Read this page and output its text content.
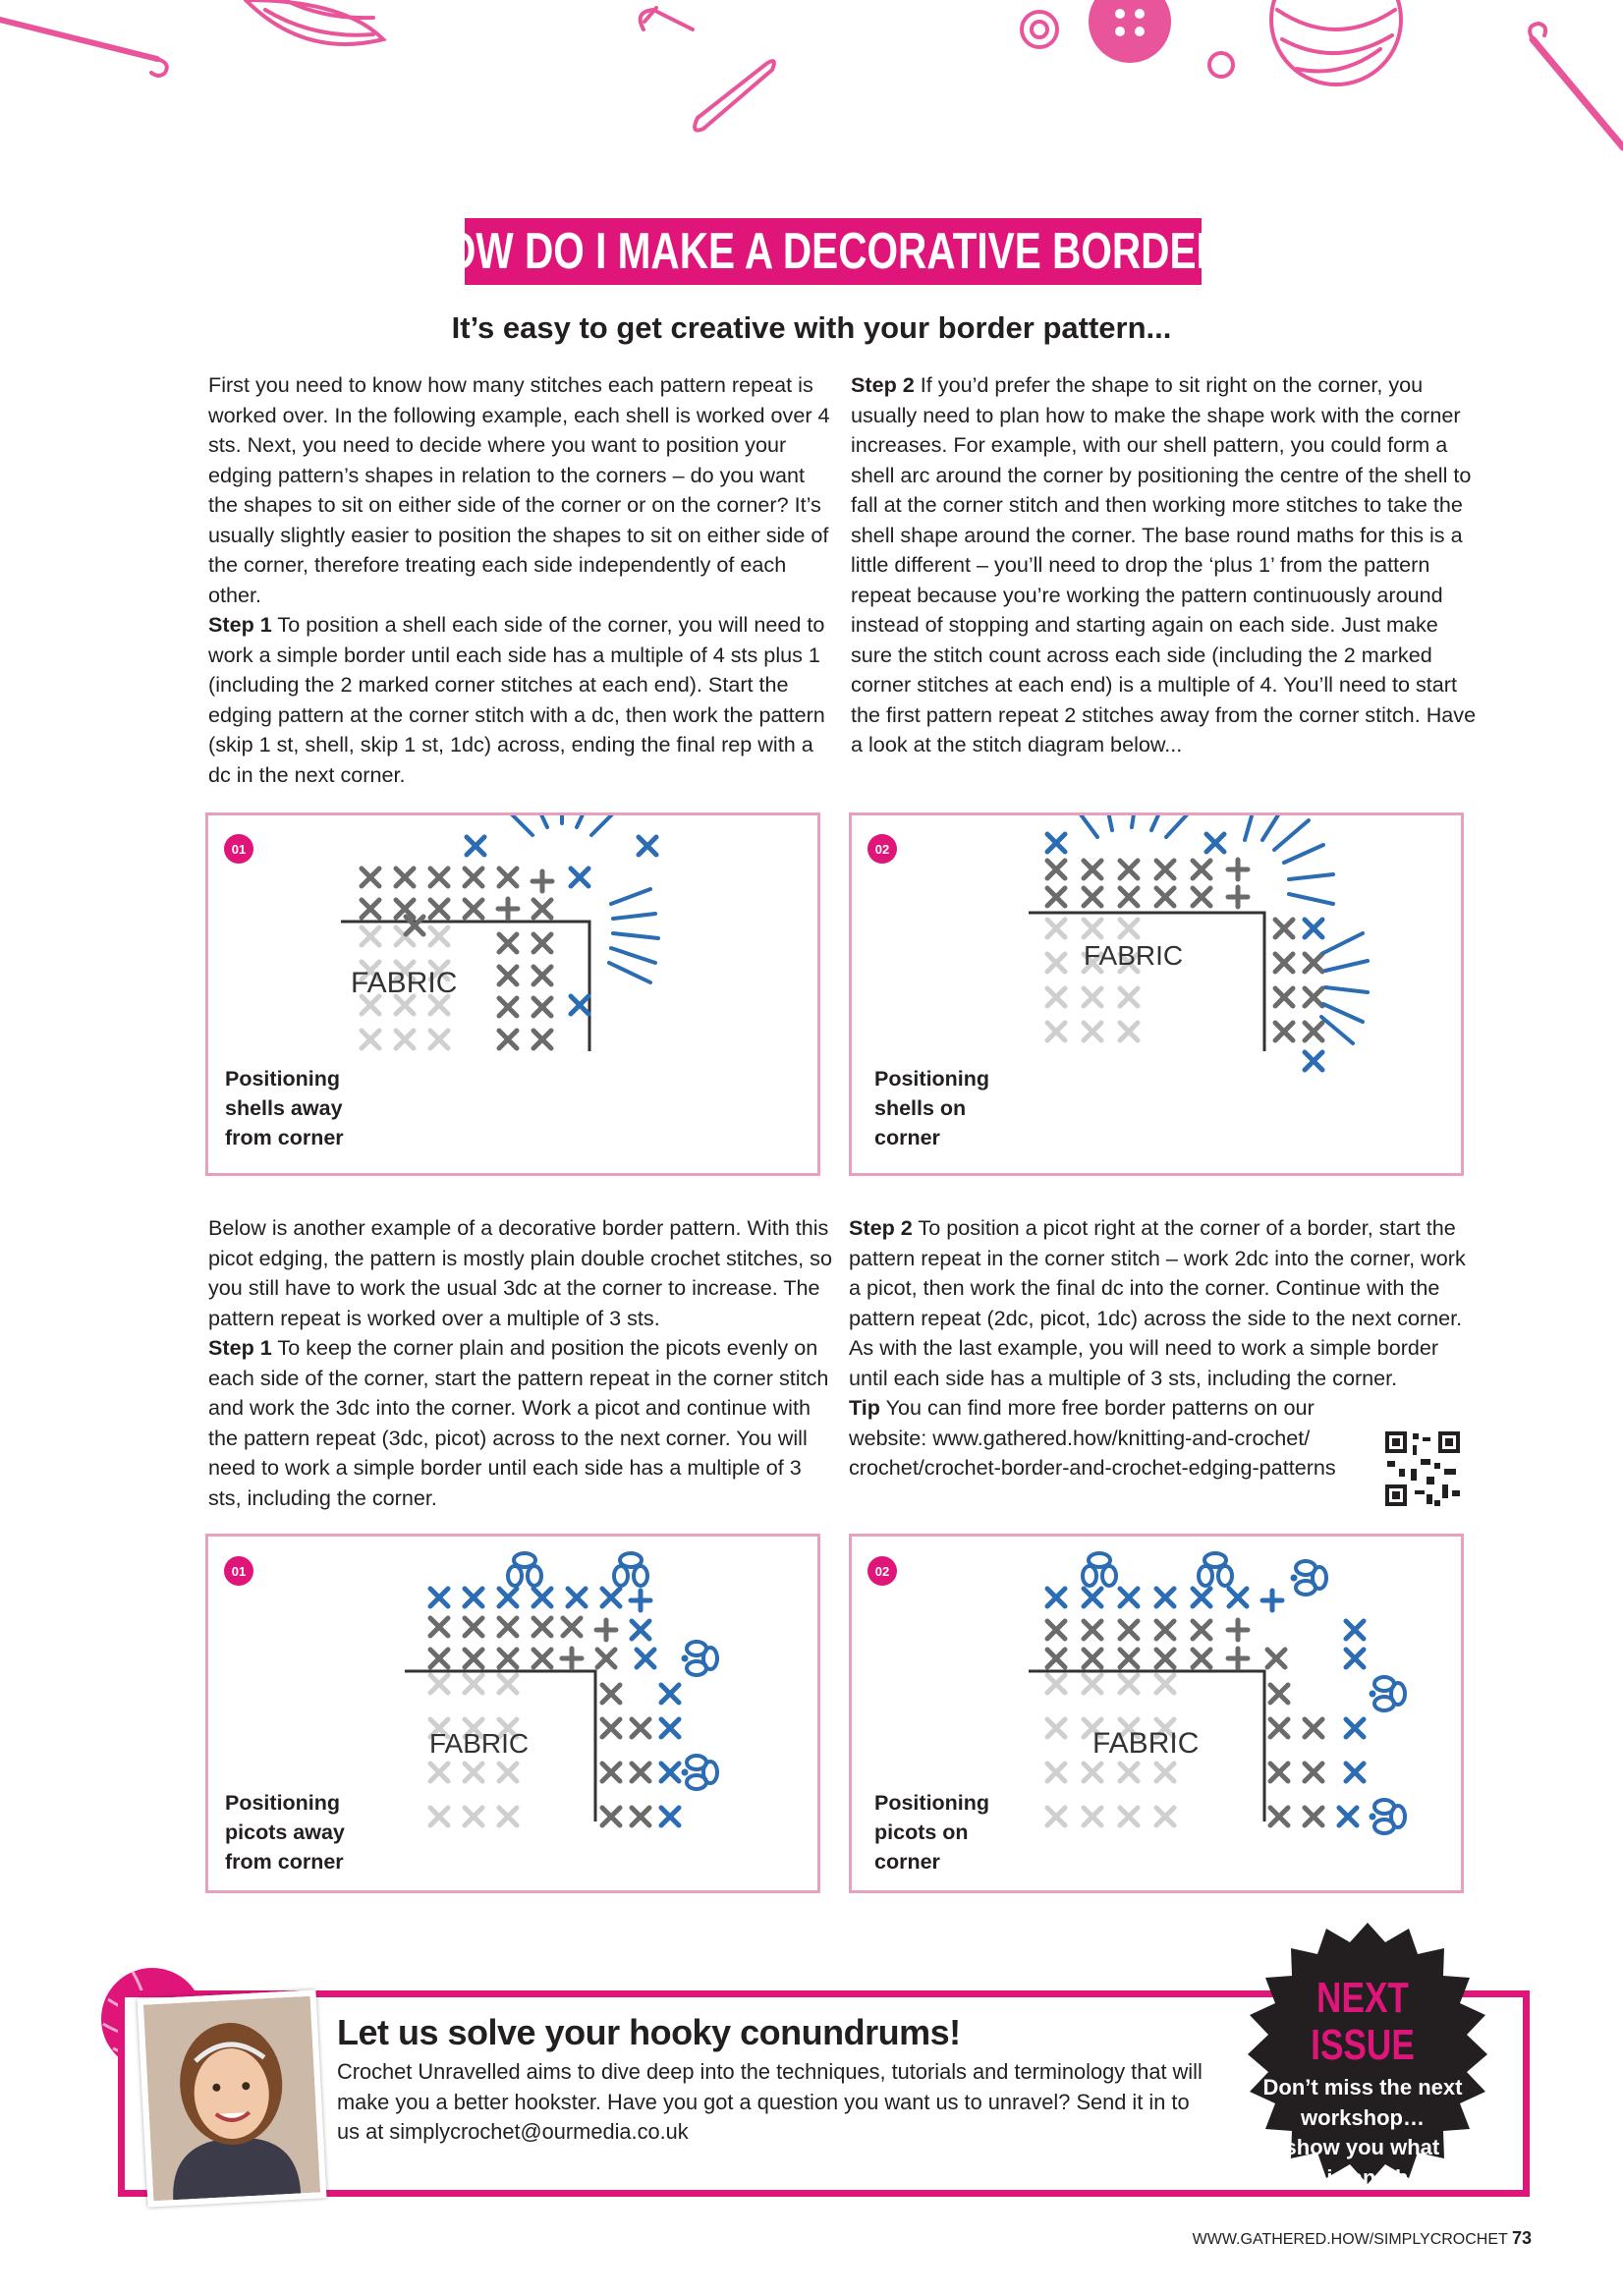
HOW DO I MAKE A DECORATIVE BORDER?
It’s easy to get creative with your border pattern...

First you need to know how many stitches each pattern repeat is worked over. In the following example, each shell is worked over 4 sts. Next, you need to decide where you want to position your edging pattern’s shapes in relation to the corners – do you want the shapes to sit on either side of the corner or on the corner? It’s usually slightly easier to position the shapes to sit on either side of the corner, therefore treating each side independently of each other.

Step 1 To position a shell each side of the corner, you will need to work a simple border until each side has a multiple of 4 sts plus 1 (including the 2 marked corner stitches at each end). Start the edging pattern at the corner stitch with a dc, then work the pattern (skip 1 st, shell, skip 1 st, 1dc) across, ending the final rep with a dc in the next corner.

Step 2 If you’d prefer the shape to sit right on the corner, you usually need to plan how to make the shape work with the corner increases. For example, with our shell pattern, you could form a shell arc around the corner by positioning the centre of the shell to fall at the corner stitch and then working more stitches to take the shell shape around the corner. The base round maths for this is a little different – you’ll need to drop the ‘plus 1’ from the pattern repeat because you’re working the pattern continuously around instead of stopping and starting again on each side. Just make sure the stitch count across each side (including the 2 marked corner stitches at each end) is a multiple of 4. You’ll need to start the first pattern repeat 2 stitches away from the corner stitch. Have a look at the stitch diagram below...

01
FABRIC
Positioning
shells away
from corner
02
FABRIC
Positioning
shells on
corner

Below is another example of a decorative border pattern. With this picot edging, the pattern is mostly plain double crochet stitches, so you still have to work the usual 3dc at the corner to increase. The pattern repeat is worked over a multiple of 3 sts.

Step 1 To keep the corner plain and position the picots evenly on each side of the corner, start the pattern repeat in the corner stitch and work the 3dc into the corner. Work a picot and continue with the pattern repeat (3dc, picot) across to the next corner. You will need to work a simple border until each side has a multiple of 3 sts, including the corner.

Step 2 To position a picot right at the corner of a border, start the pattern repeat in the corner stitch – work 2dc into the corner, work a picot, then work the final dc into the corner. Continue with the pattern repeat (2dc, picot, 1dc) across the side to the next corner. As with the last example, you will need to work a simple border until each side has a multiple of 3 sts, including the corner.

Tip You can find more free border patterns on our
website: www.gathered.how/knitting-and-crochet/
crochet/crochet-border-and-crochet-edging-patterns

01
FABRIC
Positioning
picots away
from corner
02
FABRIC
Positioning
picots on
corner
Let us solve your hooky conundrums!
Crochet Unravelled aims to dive deep into the techniques, tutorials and terminology that will make you a better hookster. Have you got a question you want us to unravel? Send it in to us at simplycrochet@ourmedia.co.uk
NEXT ISSUE
Don’t miss the next
workshop…
I’ll show you what an
i-cord is and how to
make one!
WWW.GATHERED.HOW/SIMPLYCROCHET 73
